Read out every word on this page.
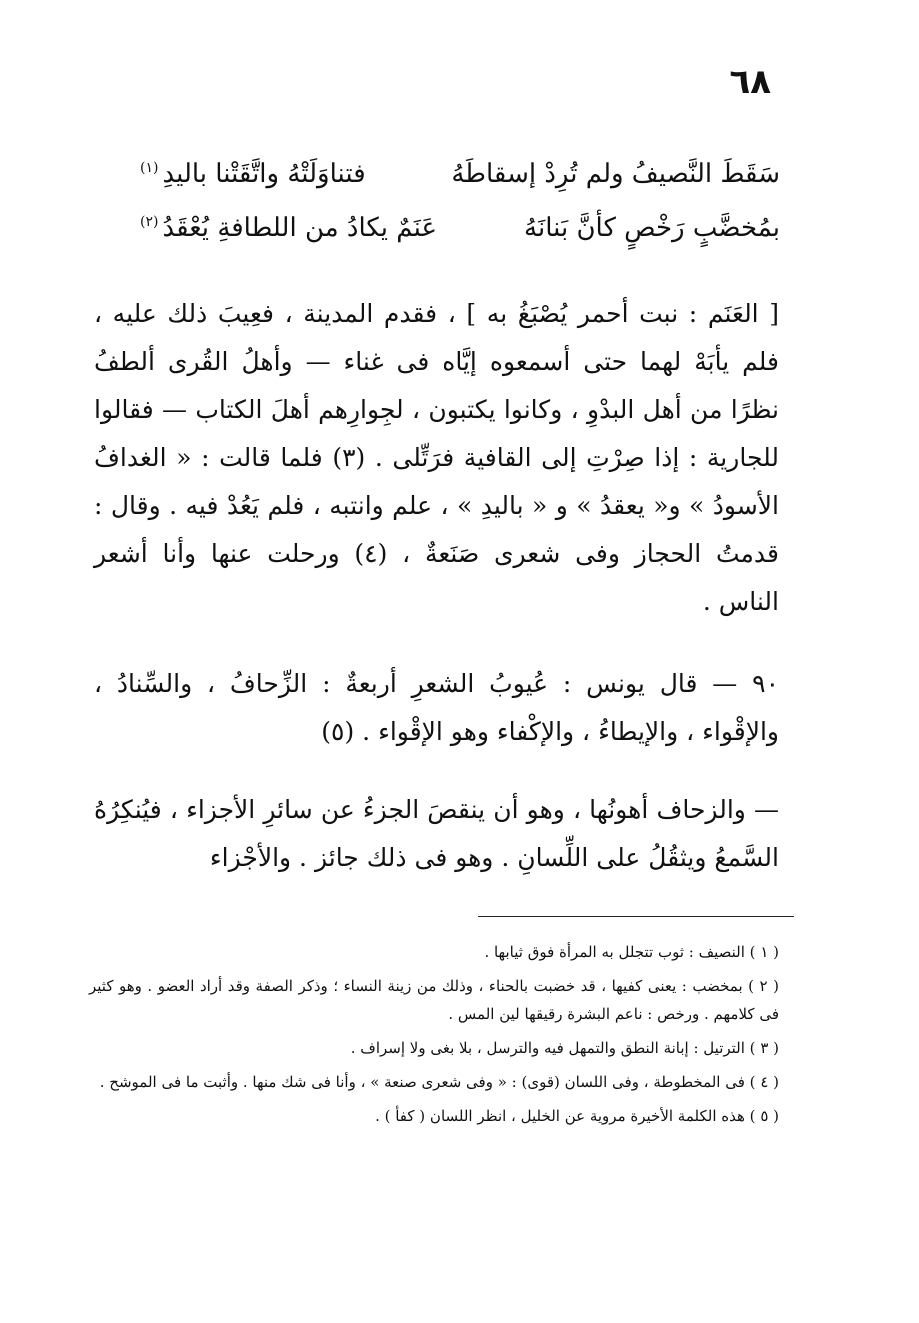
٦٨
سَقَطَ النَّصيفُ ولم تُرِدْ إسقاطَهُ
فتناوَلَتْهُ واتَّقَتْنا باليدِ$^{(١)}$
بمُخضَّبٍ رَخْصٍ كأنَّ بَنانَهُ
عَنَمٌ يكادُ من اللطافةِ يُعْقَدُ$^{(٢)}$

[ العَنَم : نبت أحمر يُصْبَغُ به ] ، فقدم المدينة ، فعِيبَ ذلك عليه ، فلم يأبَهْ لهما حتى أسمعوه إيَّاه فى غناء — وأهلُ القُرى ألطفُ نظرًا من أهل البدْوِ ، وكانوا يكتبون ، لجِوارِهم أهلَ الكتاب — فقالوا للجارية : إذا صِرْتِ إلى القافية فرَتِّلى . (٣) فلما قالت : « الغدافُ الأسودُ » و« يعقدُ » و « باليدِ » ، علم وانتبه ، فلم يَعُدْ فيه . وقال : قدمتُ الحجاز وفى شعرى صَنَعةٌ ، (٤) ورحلت عنها وأنا أشعر الناس .

٩٠ — قال يونس : عُيوبُ الشعرِ أربعةٌ : الزِّحافُ ، والسِّنادُ ، والإقْواء ، والإيطاءُ ، والإكْفاء وهو الإقْواء . (٥)

— والزحاف أهونُها ، وهو أن ينقصَ الجزءُ عن سائرِ الأجزاء ، فيُنكِرُهُ السَّمعُ ويثقُلُ على اللِّسانِ . وهو فى ذلك جائز . والأجْزاء

( ١ ) النصيف : ثوب تتجلل به المرأة فوق ثيابها .

( ٢ ) بمخضب : يعنى كفيها ، قد خضبت بالحناء ، وذلك من زينة النساء ؛ وذكر الصفة وقد أراد العضو . وهو كثير فى كلامهم . ورخص : ناعم البشرة رقيقها لين المس .

( ٣ ) الترتيل : إبانة النطق والتمهل فيه والترسل ، بلا بغى ولا إسراف .

( ٤ ) فى المخطوطة ، وفى اللسان (قوى) : « وفى شعرى صنعة » ، وأنا فى شك منها . وأثبت ما فى الموشح .

( ٥ ) هذه الكلمة الأخيرة مروية عن الخليل ، انظر اللسان ( كفأ ) .
